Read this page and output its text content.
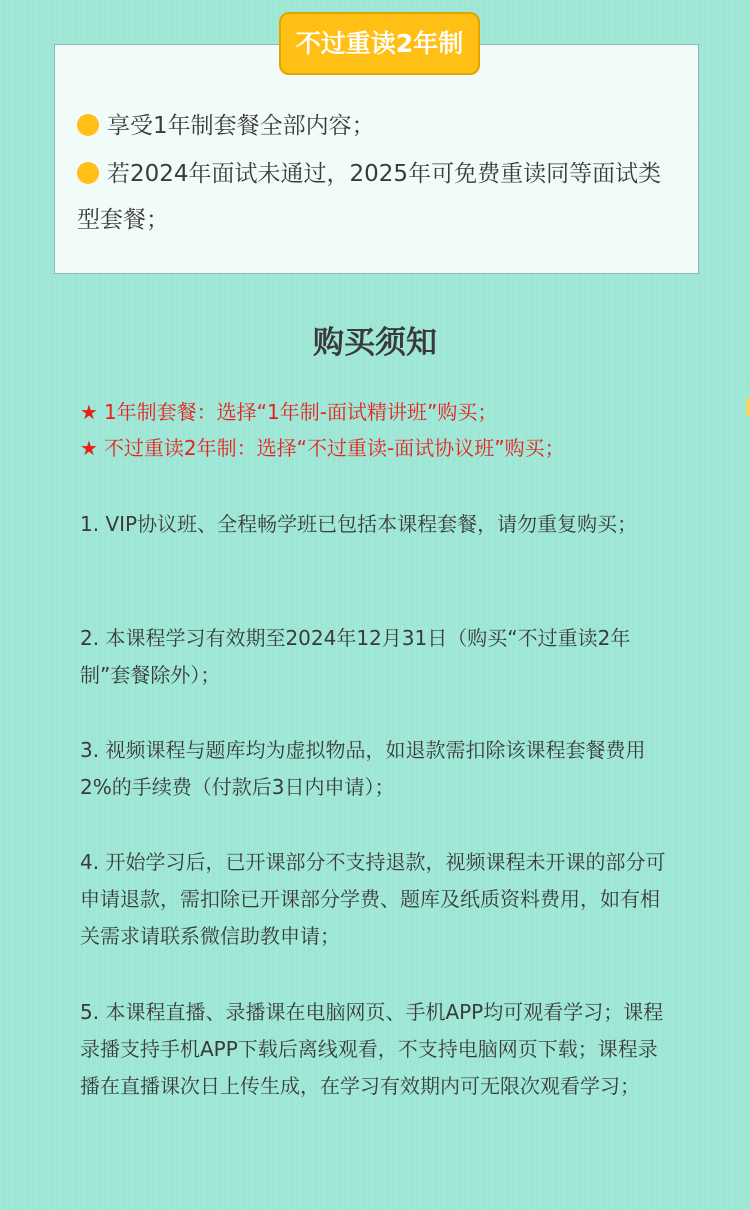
享受1年制套餐全部内容；
若2024年面试未通过，2025年可免费重读同等面试类型套餐；
不过重读2年制
购买须知
★ 1年制套餐：选择“1年制-面试精讲班”购买；
★ 不过重读2年制：选择“不过重读-面试协议班”购买；
1. VIP协议班、全程畅学班已包括本课程套餐，请勿重复购买；
2. 本课程学习有效期至2024年12月31日（购买“不过重读2年制”套餐除外）；
3. 视频课程与题库均为虚拟物品，如退款需扣除该课程套餐费用2%的手续费（付款后3日内申请）；
4. 开始学习后，已开课部分不支持退款，视频课程未开课的部分可申请退款，需扣除已开课部分学费、题库及纸质资料费用，如有相关需求请联系微信助教申请；
5. 本课程直播、录播课在电脑网页、手机APP均可观看学习；课程录播支持手机APP下载后离线观看，不支持电脑网页下载；课程录播在直播课次日上传生成，在学习有效期内可无限次观看学习；
